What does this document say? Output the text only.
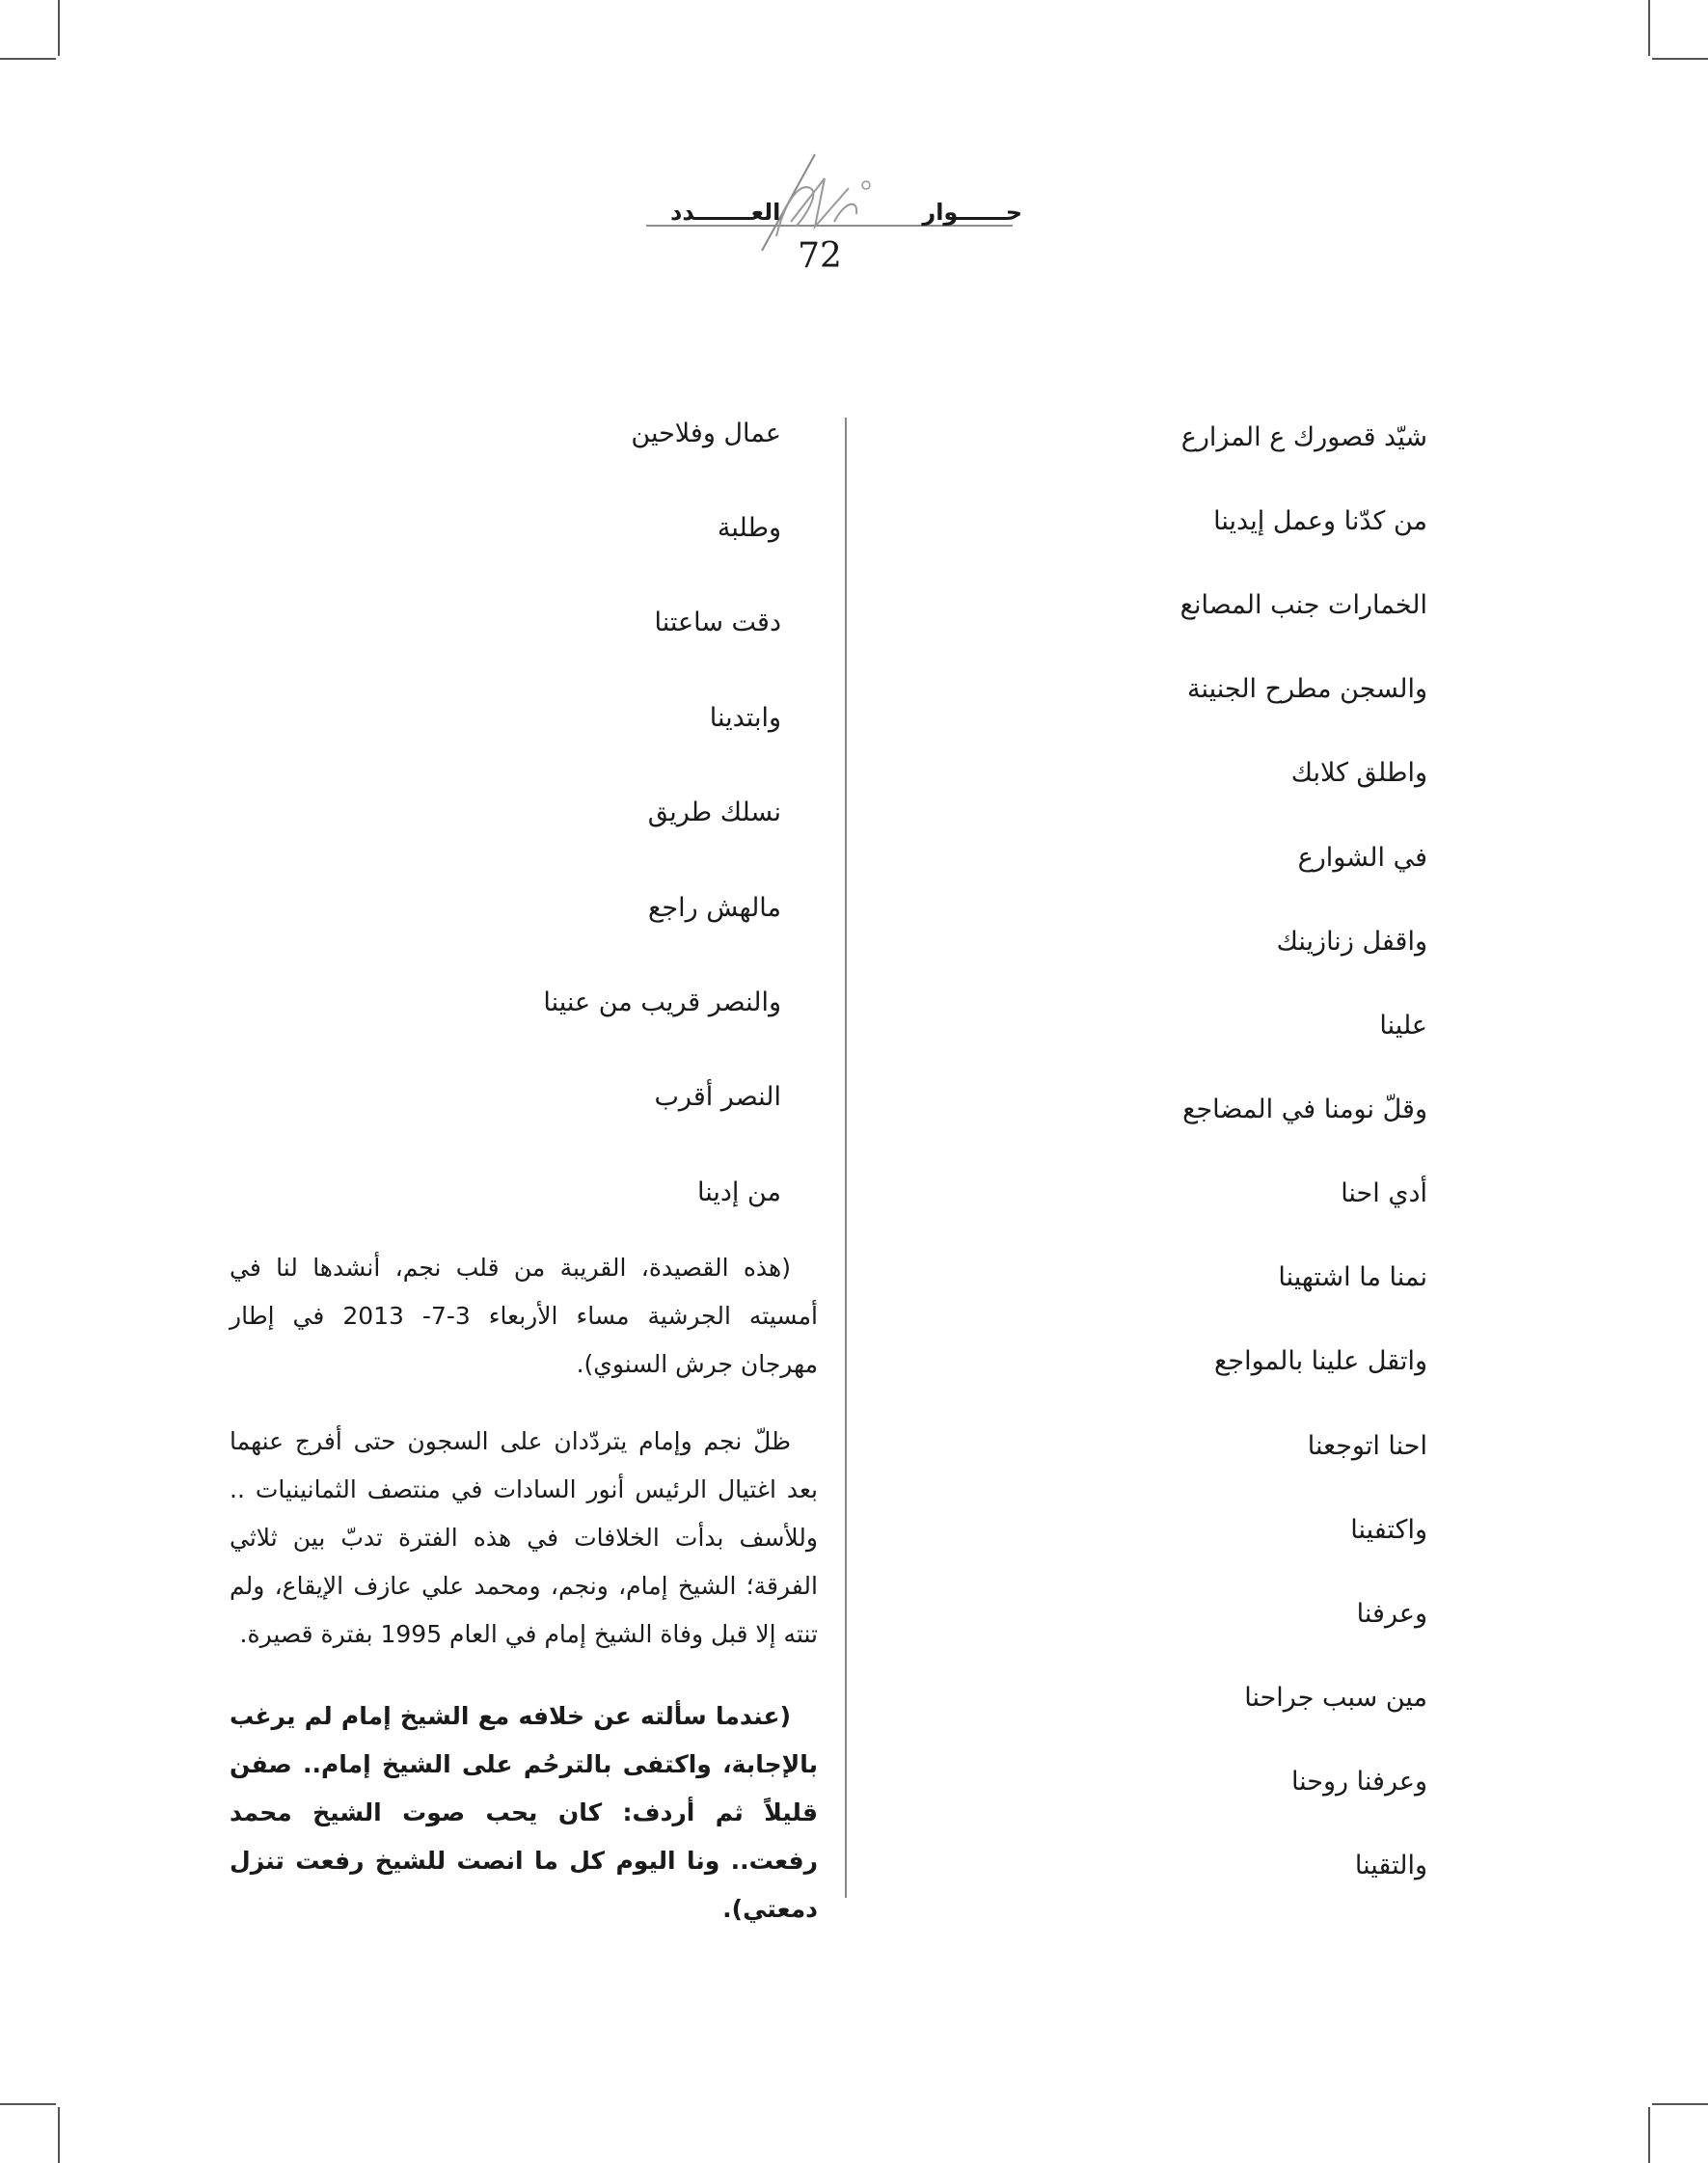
حــــــوار
العـــــــدد
72
شيّد قصورك ع المزارع
من كدّنا وعمل إيدينا
الخمارات جنب المصانع
والسجن مطرح الجنينة
واطلق كلابك
في الشوارع
واقفل زنازينك
علينا
وقلّ نومنا في المضاجع
أدي احنا
نمنا ما اشتهينا
واتقل علينا بالمواجع
احنا اتوجعنا
واكتفينا
وعرفنا
مين سبب جراحنا
وعرفنا روحنا
والتقينا
عمال وفلاحين
وطلبة
دقت ساعتنا
وابتدينا
نسلك طريق
مالهش راجع
والنصر قريب من عنينا
النصر أقرب
من إدينا

(هذه القصيدة، القريبة من قلب نجم، أنشدها لنا في أمسيته الجرشية مساء الأربعاء 3-7- 2013 في إطار مهرجان جرش السنوي).

ظلّ نجم وإمام يتردّدان على السجون حتى أفرج عنهما بعد اغتيال الرئيس أنور السادات في منتصف الثمانينيات .. وللأسف بدأت الخلافات في هذه الفترة تدبّ بين ثلاثي الفرقة؛ الشيخ إمام، ونجم، ومحمد علي عازف الإيقاع، ولم تنته إلا قبل وفاة الشيخ إمام في العام 1995 بفترة قصيرة.

(عندما سألته عن خلافه مع الشيخ إمام لم يرغب بالإجابة، واكتفى بالترحُم على الشيخ إمام.. صفن قليلاً ثم أردف: كان يحب صوت الشيخ محمد رفعت.. ونا اليوم كل ما انصت للشيخ رفعت تنزل دمعتي).
